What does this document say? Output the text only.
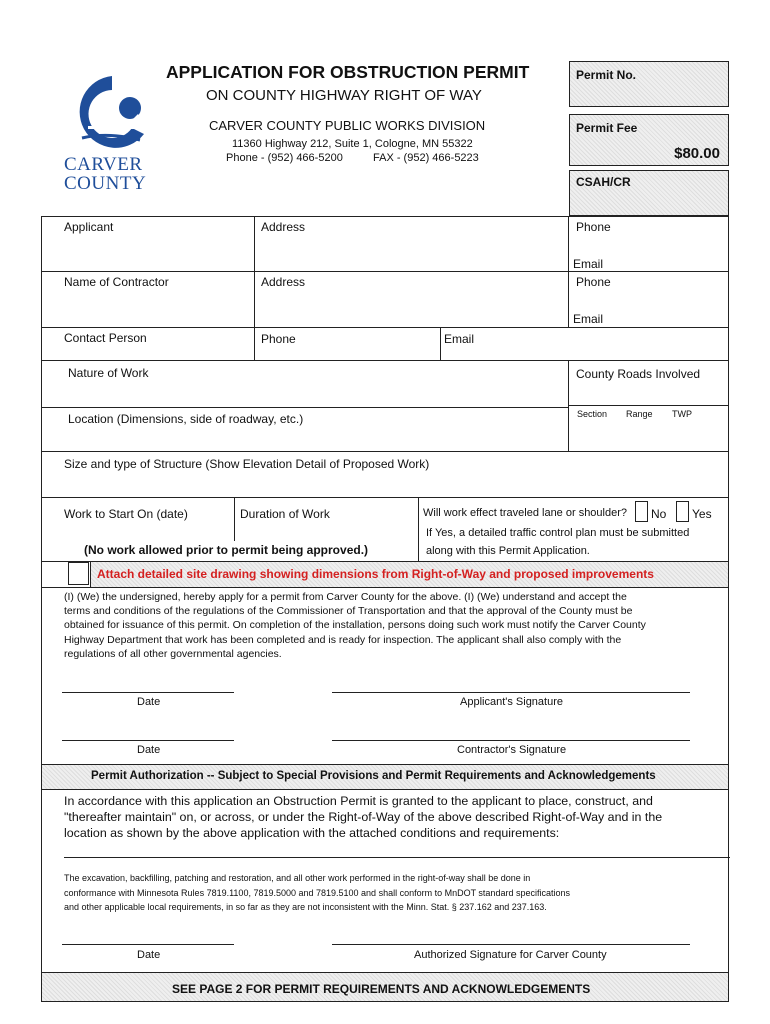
CARVER
COUNTY
APPLICATION FOR OBSTRUCTION PERMIT
ON COUNTY HIGHWAY RIGHT OF WAY
CARVER COUNTY PUBLIC WORKS DIVISION
11360 Highway 212, Suite 1, Cologne, MN 55322
Phone - (952) 466-5200	FAX - (952) 466-5223
Permit No.
Permit Fee
$80.00
CSAH/CR
Applicant	Address	Phone
Email
Name of Contractor	Address	Phone
Email
Contact Person	Phone	Email
Nature of Work	County Roads Involved
Section Range TWP
Location (Dimensions, side of roadway, etc.)
Size and type of Structure (Show Elevation Detail of Proposed Work)
Work to Start On (date)	Duration of Work	Will work effect traveled lane or shoulder? No Yes
If Yes, a detailed traffic control plan must be submitted
along with this Permit Application.
(No work allowed prior to permit being approved.)
Attach detailed site drawing showing dimensions from Right-of-Way and proposed improvements
(I) (We) the undersigned, hereby apply for a permit from Carver County for the above. (I) (We) understand and accept the
terms and conditions of the regulations of the Commissioner of Transportation and that the approval of the County must be
obtained for issuance of this permit. On completion of the installation, persons doing such work must notify the Carver County
Highway Department that work has been completed and is ready for inspection. The applicant shall also comply with the
regulations of all other governmental agencies.
Date	Applicant's Signature
Date	Contractor's Signature
Permit Authorization -- Subject to Special Provisions and Permit Requirements and Acknowledgements
In accordance with this application an Obstruction Permit is granted to the applicant to place, construct, and
"thereafter maintain" on, or across, or under the Right-of-Way of the above described Right-of-Way and in the
location as shown by the above application with the attached conditions and requirements:
The excavation, backfilling, patching and restoration, and all other work performed in the right-of-way shall be done in
conformance with Minnesota Rules 7819.1100, 7819.5000 and 7819.5100 and shall conform to MnDOT standard specifications
and other applicable local requirements, in so far as they are not inconsistent with the Minn. Stat. § 237.162 and 237.163.
Date	Authorized Signature for Carver County
SEE PAGE 2 FOR PERMIT REQUIREMENTS AND ACKNOWLEDGEMENTS
